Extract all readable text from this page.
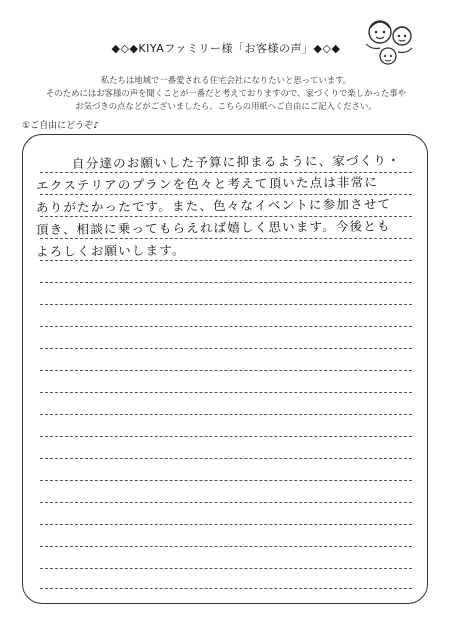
◆◇◆KIYAファミリー様「お客様の声」◆◇◆
私たちは地域で一番愛される住宅会社になりたいと思っています。
そのためにはお客様の声を聞くことが一番だと考えておりますので、家づくりで楽しかった事や
お気づきの点などがございましたら、こちらの用紙へご自由にご記入ください。
①ご自由にどうぞ♪
自分達のお願いした予算に抑まるように、家づくり・
エクステリアのプランを色々と考えて頂いた点は非常に
ありがたかったです。また、色々なイベントに参加させて
頂き、相談に乗ってもらえれば嬉しく思います。今後とも
よろしくお願いします。
